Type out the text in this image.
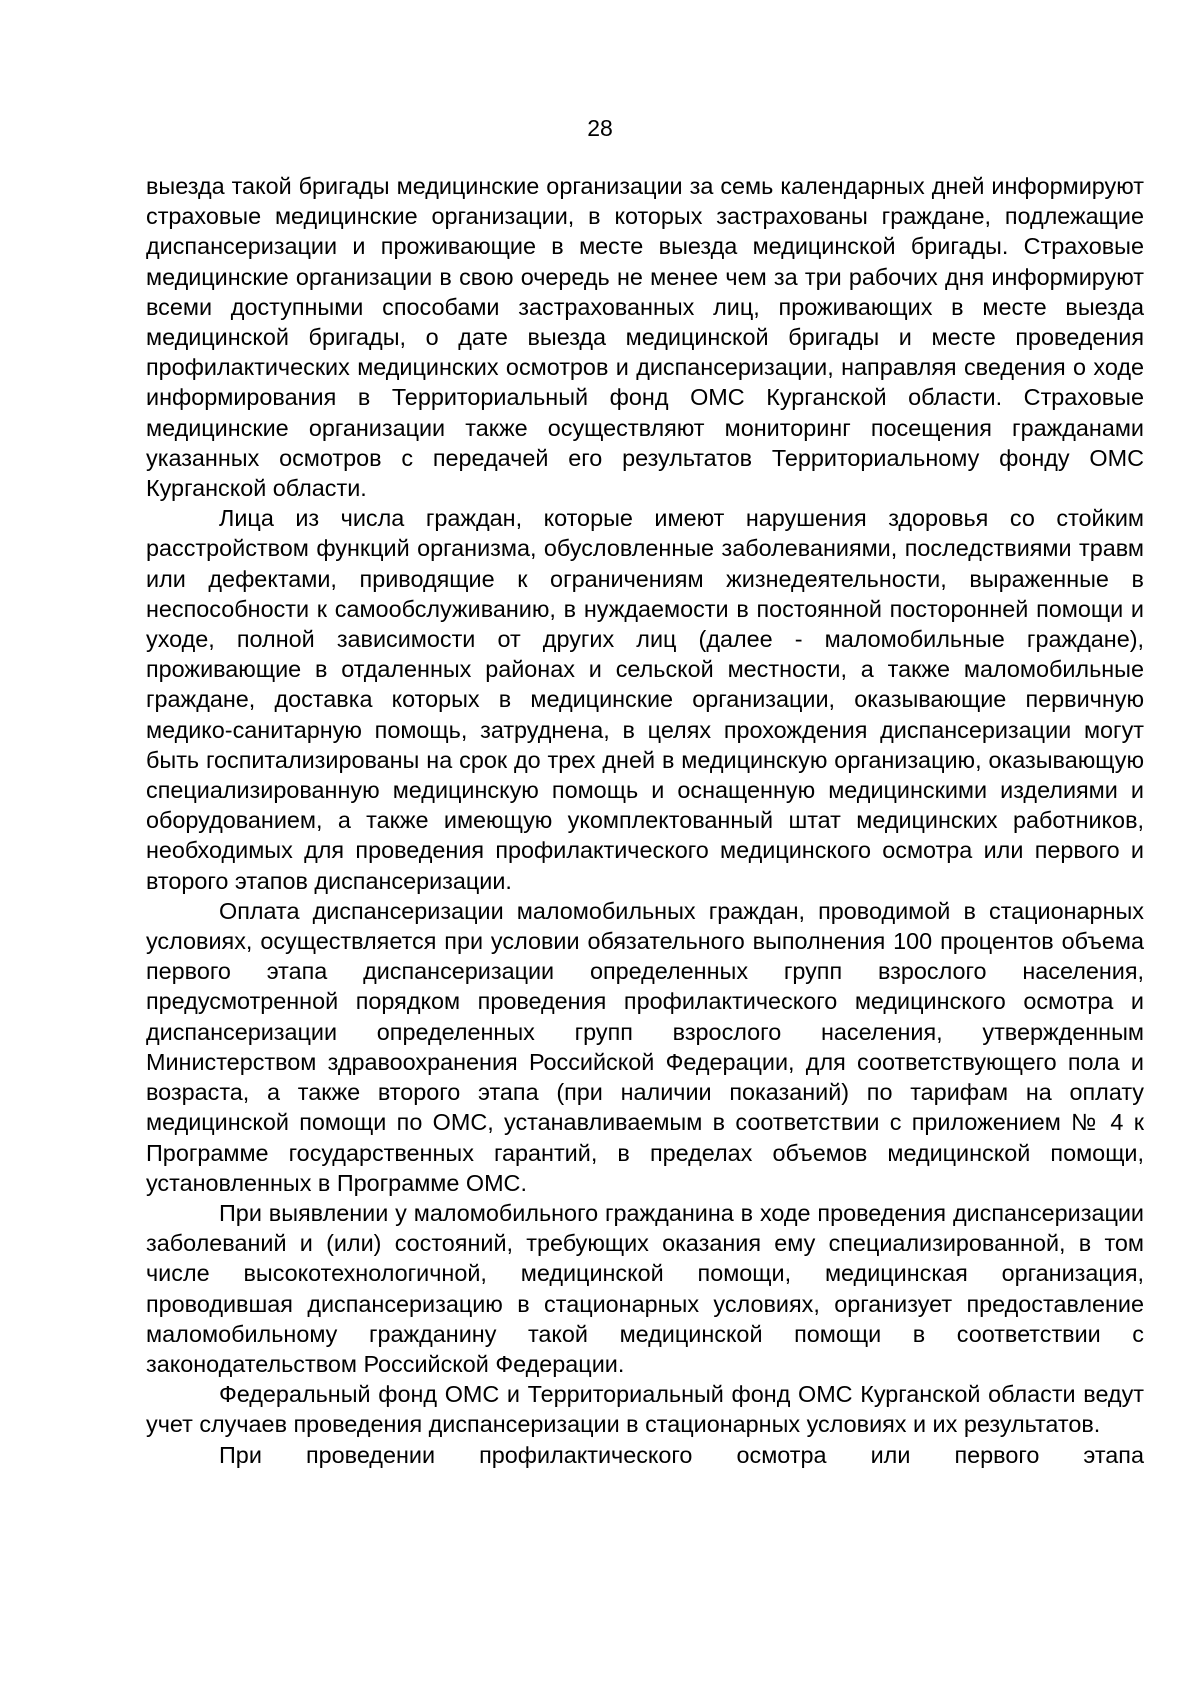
28

выезда такой бригады медицинские организации за семь календарных дней информируют страховые медицинские организации, в которых застрахованы граждане, подлежащие диспансеризации и проживающие в месте выезда медицинской бригады. Страховые медицинские организации в свою очередь не менее чем за три рабочих дня информируют всеми доступными способами застрахованных лиц, проживающих в месте выезда медицинской бригады, о дате выезда медицинской бригады и месте проведения профилактических медицинских осмотров и диспансеризации, направляя сведения о ходе информирования в Территориальный фонд ОМС Курганской области. Страховые медицинские организации также осуществляют мониторинг посещения гражданами указанных осмотров с передачей его результатов Территориальному фонду ОМС Курганской области.

Лица из числа граждан, которые имеют нарушения здоровья со стойким расстройством функций организма, обусловленные заболеваниями, последствиями травм или дефектами, приводящие к ограничениям жизнедеятельности, выраженные в неспособности к самообслуживанию, в нуждаемости в постоянной посторонней помощи и уходе, полной зависимости от других лиц (далее - маломобильные граждане), проживающие в отдаленных районах и сельской местности, а также маломобильные граждане, доставка которых в медицинские организации, оказывающие первичную медико-санитарную помощь, затруднена, в целях прохождения диспансеризации могут быть госпитализированы на срок до трех дней в медицинскую организацию, оказывающую специализированную медицинскую помощь и оснащенную медицинскими изделиями и оборудованием, а также имеющую укомплектованный штат медицинских работников, необходимых для проведения профилактического медицинского осмотра или первого и второго этапов диспансеризации.

Оплата диспансеризации маломобильных граждан, проводимой в стационарных условиях, осуществляется при условии обязательного выполнения 100 процентов объема первого этапа диспансеризации определенных групп взрослого населения, предусмотренной порядком проведения профилактического медицинского осмотра и диспансеризации определенных групп взрослого населения, утвержденным Министерством здравоохранения Российской Федерации, для соответствующего пола и возраста, а также второго этапа (при наличии показаний) по тарифам на оплату медицинской помощи по ОМС, устанавливаемым в соответствии с приложением № 4 к Программе государственных гарантий, в пределах объемов медицинской помощи, установленных в Программе ОМС.

При выявлении у маломобильного гражданина в ходе проведения диспансеризации заболеваний и (или) состояний, требующих оказания ему специализированной, в том числе высокотехнологичной, медицинской помощи, медицинская организация, проводившая диспансеризацию в стационарных условиях, организует предоставление маломобильному гражданину такой медицинской помощи в соответствии с законодательством Российской Федерации.

Федеральный фонд ОМС и Территориальный фонд ОМС Курганской области ведут учет случаев проведения диспансеризации в стационарных условиях и их результатов.

При проведении профилактического осмотра или первого этапа
